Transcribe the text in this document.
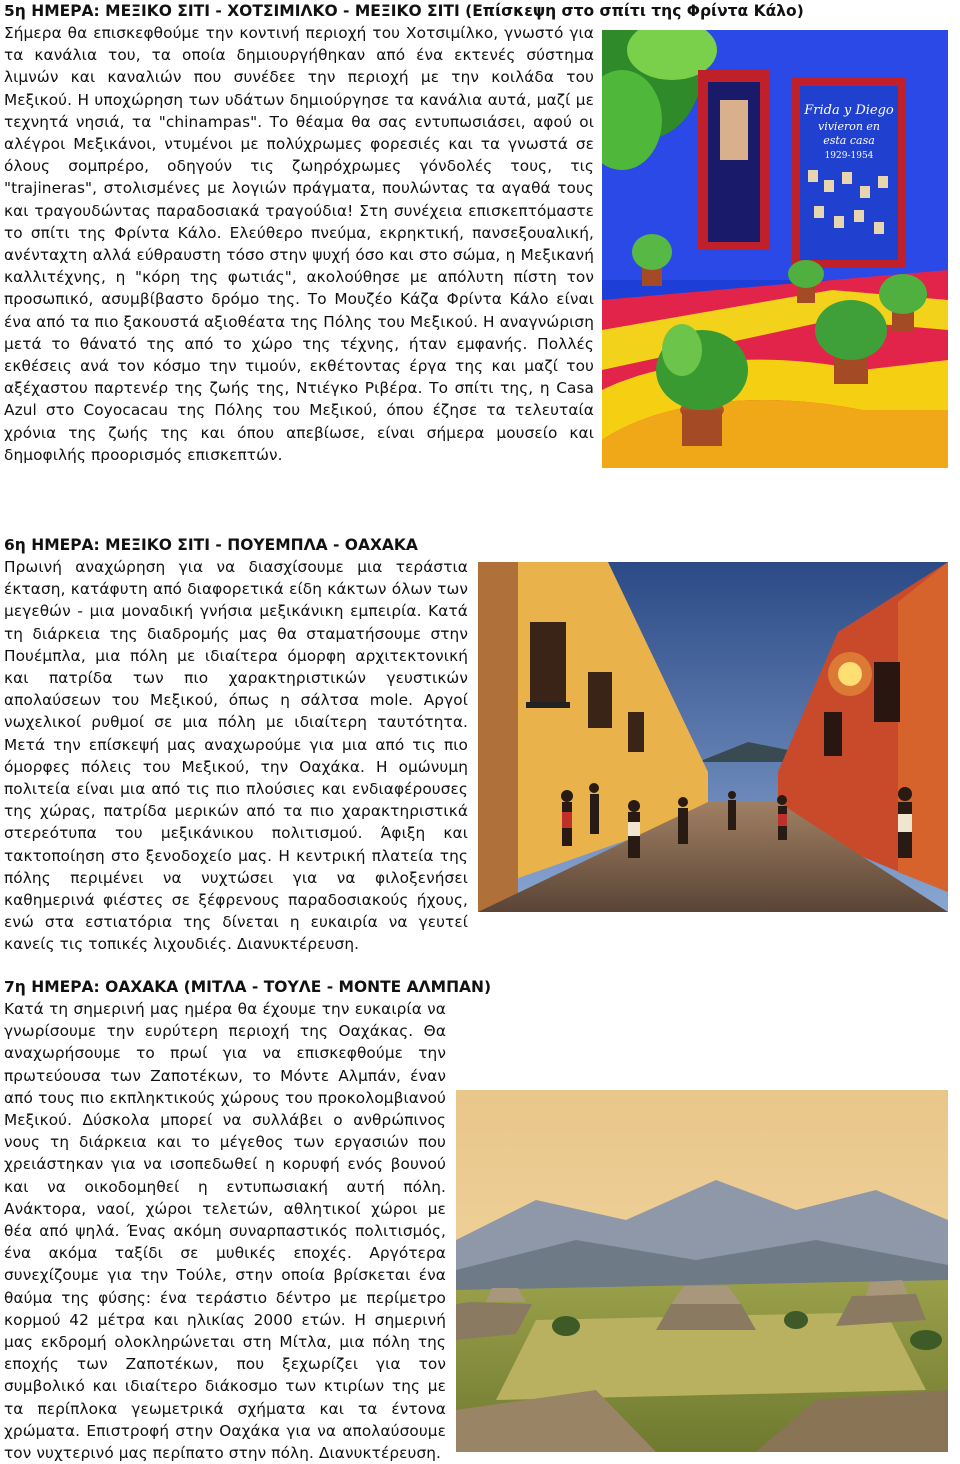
5η ΗΜΕΡΑ: ΜΕΞΙΚΟ ΣΙΤΙ - ΧΟΤΣΙΜΙΛΚΟ - ΜΕΞΙΚΟ ΣΙΤΙ (Επίσκεψη στο σπίτι της Φρίντα Κάλο)
Frida y Diego
vivieron en
esta casa
1929-1954

Σήμερα θα επισκεφθούμε την κοντινή περιοχή του Χοτσιμίλκο, γνωστό για τα κανάλια του, τα οποία δημιουργήθηκαν από ένα εκτενές σύστημα λιμνών και καναλιών που συνέδεε την περιοχή με την κοιλάδα του Μεξικού. Η υποχώρηση των υδάτων δημιούργησε τα κανάλια αυτά, μαζί με τεχνητά νησιά, τα "chinampas". Το θέαμα θα σας εντυπωσιάσει, αφού οι αλέγροι Μεξικάνοι, ντυμένοι με πολύχρωμες φορεσιές και τα γνωστά σε όλους σομπρέρο, οδηγούν τις ζωηρόχρωμες γόνδολές τους, τις "trajineras", στολισμένες με λογιών πράγματα, πουλώντας τα αγαθά τους και τραγουδώντας παραδοσιακά τραγούδια! Στη συνέχεια επισκεπτόμαστε το σπίτι της Φρίντα Κάλο. Ελεύθερο πνεύμα, εκρηκτική, πανσεξουαλική, ανένταχτη αλλά εύθραυστη τόσο στην ψυχή όσο και στο σώμα, η Μεξικανή καλλιτέχνης, η "κόρη της φωτιάς", ακολούθησε με απόλυτη πίστη τον προσωπικό, ασυμβίβαστο δρόμο της. Το Μουζέο Κάζα Φρίντα Κάλο είναι ένα από τα πιο ξακουστά αξιοθέατα της Πόλης του Μεξικού. Η αναγνώριση μετά το θάνατό της από το χώρο της τέχνης, ήταν εμφανής. Πολλές εκθέσεις ανά τον κόσμο την τιμούν, εκθέτοντας έργα της και μαζί του αξέχαστου παρτενέρ της ζωής της, Ντιέγκο Ριβέρα. Το σπίτι της, η Casa Azul στο Coyocacau της Πόλης του Μεξικού, όπου έζησε τα τελευταία χρόνια της ζωής της και όπου απεβίωσε, είναι σήμερα μουσείο και δημοφιλής προορισμός επισκεπτών.

6η ΗΜΕΡΑ: ΜΕΞΙΚΟ ΣΙΤΙ - ΠΟΥΕΜΠΛΑ - ΟΑΧΑΚΑ

Πρωινή αναχώρηση για να διασχίσουμε μια τεράστια έκταση, κατάφυτη από διαφορετικά είδη κάκτων όλων των μεγεθών - μια μοναδική γνήσια μεξικάνικη εμπειρία. Κατά τη διάρκεια της διαδρομής μας θα σταματήσουμε στην Πουέμπλα, μια πόλη με ιδιαίτερα όμορφη αρχιτεκτονική και πατρίδα των πιο χαρακτηριστικών γευστικών απολαύσεων του Μεξικού, όπως η σάλτσα mole. Αργοί νωχελικοί ρυθμοί σε μια πόλη με ιδιαίτερη ταυτότητα. Μετά την επίσκεψή μας αναχωρούμε για μια από τις πιο όμορφες πόλεις του Μεξικού, την Οαχάκα. Η ομώνυμη πολιτεία είναι μια από τις πιο πλούσιες και ενδιαφέρουσες της χώρας, πατρίδα μερικών από τα πιο χαρακτηριστικά στερεότυπα του μεξικάνικου πολιτισμού. Άφιξη και τακτοποίηση στο ξενοδοχείο μας. Η κεντρική πλατεία της πόλης περιμένει να νυχτώσει για να φιλοξενήσει καθημερινά φιέστες σε ξέφρενους παραδοσιακούς ήχους, ενώ στα εστιατόρια της δίνεται η ευκαιρία να γευτεί κανείς τις τοπικές λιχουδιές. Διανυκτέρευση.

7η ΗΜΕΡΑ: ΟΑΧΑΚΑ (ΜΙΤΛΑ - ΤΟΥΛΕ - ΜΟΝΤΕ ΑΛΜΠΑΝ)

Κατά τη σημερινή μας ημέρα θα έχουμε την ευκαιρία να γνωρίσουμε την ευρύτερη περιοχή της Οαχάκας. Θα αναχωρήσουμε το πρωί για να επισκεφθούμε την πρωτεύουσα των Ζαποτέκων, το Μόντε Αλμπάν, έναν από τους πιο εκπληκτικούς χώρους του προκολομβιανού Μεξικού. Δύσκολα μπορεί να συλλάβει ο ανθρώπινος νους τη διάρκεια και το μέγεθος των εργασιών που χρειάστηκαν για να ισοπεδωθεί η κορυφή ενός βουνού και να οικοδομηθεί η εντυπωσιακή αυτή πόλη. Ανάκτορα, ναοί, χώροι τελετών, αθλητικοί χώροι με θέα από ψηλά. Ένας ακόμη συναρπαστικός πολιτισμός, ένα ακόμα ταξίδι σε μυθικές εποχές. Αργότερα συνεχίζουμε για την Τούλε, στην οποία βρίσκεται ένα θαύμα της φύσης: ένα τεράστιο δέντρο με περίμετρο κορμού 42 μέτρα και ηλικίας 2000 ετών. Η σημερινή μας εκδρομή ολοκληρώνεται στη Μίτλα, μια πόλη της εποχής των Ζαποτέκων, που ξεχωρίζει για τον συμβολικό και ιδιαίτερο διάκοσμο των κτιρίων της με τα περίπλοκα γεωμετρικά σχήματα και τα έντονα χρώματα. Επιστροφή στην Οαχάκα για να απολαύσουμε τον νυχτερινό μας περίπατο στην πόλη. Διανυκτέρευση.
